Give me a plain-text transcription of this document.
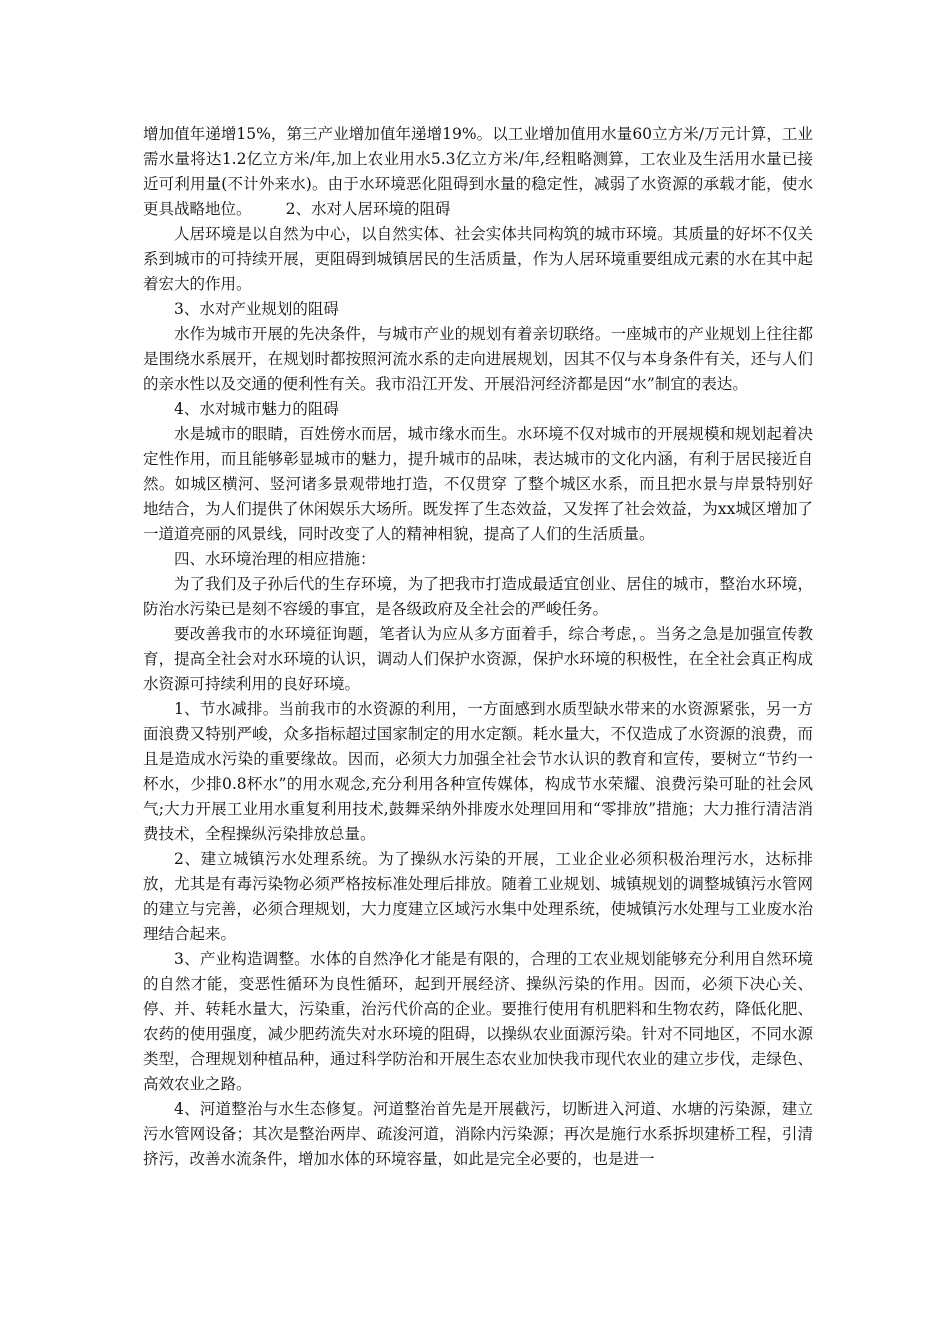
增加值年递增15%，第三产业增加值年递增19%。以工业增加值用水量60立方米/万元计算，工业需水量将达1.2亿立方米/年,加上农业用水5.3亿立方米/年,经粗略测算，工农业及生活用水量已接近可利用量(不计外来水)。由于水环境恶化阻碍到水量的稳定性，减弱了水资源的承载才能，使水更具战略地位。 2、水对人居环境的阻碍

人居环境是以自然为中心，以自然实体、社会实体共同构筑的城市环境。其质量的好坏不仅关系到城市的可持续开展，更阻碍到城镇居民的生活质量，作为人居环境重要组成元素的水在其中起着宏大的作用。

3、水对产业规划的阻碍

水作为城市开展的先决条件，与城市产业的规划有着亲切联络。一座城市的产业规划上往往都是围绕水系展开，在规划时都按照河流水系的走向进展规划，因其不仅与本身条件有关，还与人们的亲水性以及交通的便利性有关。我市沿江开发、开展沿河经济都是因“水”制宜的表达。

4、水对城市魅力的阻碍

水是城市的眼睛，百姓傍水而居，城市缘水而生。水环境不仅对城市的开展规模和规划起着决定性作用，而且能够彰显城市的魅力，提升城市的品味，表达城市的文化内涵，有利于居民接近自然。如城区横河、竖河诸多景观带地打造，不仅贯穿 了整个城区水系，而且把水景与岸景特别好地结合，为人们提供了休闲娱乐大场所。既发挥了生态效益，又发挥了社会效益，为xx城区增加了一道道亮丽的风景线，同时改变了人的精神相貌，提高了人们的生活质量。

四、水环境治理的相应措施：

为了我们及子孙后代的生存环境，为了把我市打造成最适宜创业、居住的城市，整治水环境，防治水污染已是刻不容缓的事宜，是各级政府及全社会的严峻任务。

要改善我市的水环境征询题，笔者认为应从多方面着手，综合考虑，。当务之急是加强宣传教育，提高全社会对水环境的认识，调动人们保护水资源，保护水环境的积极性，在全社会真正构成水资源可持续利用的良好环境。

1、节水减排。当前我市的水资源的利用，一方面感到水质型缺水带来的水资源紧张，另一方面浪费又特别严峻，众多指标超过国家制定的用水定额。耗水量大，不仅造成了水资源的浪费，而且是造成水污染的重要缘故。因而，必须大力加强全社会节水认识的教育和宣传，要树立“节约一杯水，少排0.8杯水”的用水观念,充分利用各种宣传媒体，构成节水荣耀、浪费污染可耻的社会风气;大力开展工业用水重复利用技术,鼓舞采纳外排废水处理回用和“零排放”措施；大力推行清洁消费技术，全程操纵污染排放总量。

2、建立城镇污水处理系统。为了操纵水污染的开展，工业企业必须积极治理污水，达标排放，尤其是有毒污染物必须严格按标准处理后排放。随着工业规划、城镇规划的调整城镇污水管网的建立与完善，必须合理规划，大力度建立区域污水集中处理系统，使城镇污水处理与工业废水治理结合起来。

3、产业构造调整。水体的自然净化才能是有限的，合理的工农业规划能够充分利用自然环境的自然才能，变恶性循环为良性循环，起到开展经济、操纵污染的作用。因而，必须下决心关、停、并、转耗水量大，污染重，治污代价高的企业。要推行使用有机肥料和生物农药，降低化肥、农药的使用强度，减少肥药流失对水环境的阻碍，以操纵农业面源污染。针对不同地区，不同水源类型，合理规划种植品种，通过科学防治和开展生态农业加快我市现代农业的建立步伐，走绿色、高效农业之路。

4、河道整治与水生态修复。河道整治首先是开展截污，切断进入河道、水塘的污染源，建立污水管网设备；其次是整治两岸、疏浚河道，消除内污染源；再次是施行水系拆坝建桥工程，引清挤污，改善水流条件，增加水体的环境容量，如此是完全必要的，也是进一
